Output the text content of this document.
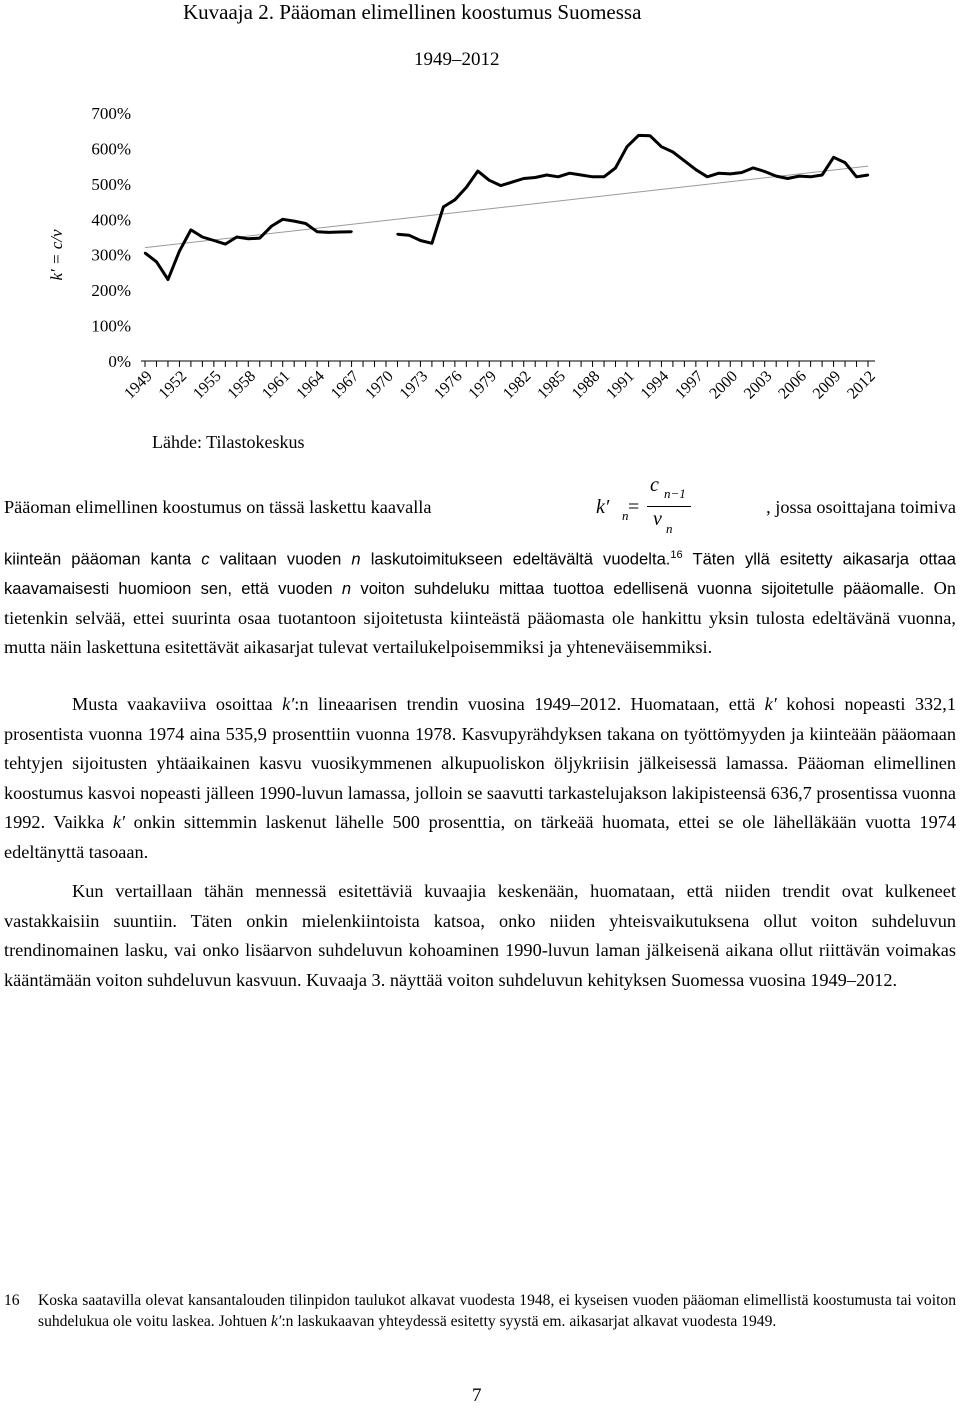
Kuvaaja 2. Pääoman elimellinen koostumus Suomessa
1949–2012
0%
100%
200%
300%
400%
500%
600%
700%
k′ = c/v
1949 1952 1955 1958 1961 1964 1967 1970 1973 1976 1979 1982 1985 1988 1991 1994 1997 2000 2003 2006 2009 2012
Lähde: Tilastokeskus
Pääoman elimellinen koostumus on tässä laskettu kaavalla	k′ n =
c n−1
v n
, jossa osoittajana toimiva

kiinteän pääoman kanta c valitaan vuoden n laskutoimitukseen edeltävältä vuodelta.$^{16}$ Täten yllä esitetty aikasarja ottaa kaavamaisesti huomioon sen, että vuoden n voiton suhdeluku mittaa tuottoa edellisenä vuonna sijoitetulle pääomalle. On tietenkin selvää, ettei suurinta osaa tuotantoon sijoitetusta kiinteästä pääomasta ole hankittu yksin tulosta edeltävänä vuonna, mutta näin laskettuna esitettävät aikasarjat tulevat vertailukelpoisemmiksi ja yhteneväisemmiksi.

Musta vaakaviiva osoittaa k′:n lineaarisen trendin vuosina 1949–2012. Huomataan, että k′ kohosi nopeasti 332,1 prosentista vuonna 1974 aina 535,9 prosenttiin vuonna 1978. Kasvupyrähdyksen takana on työttömyyden ja kiinteään pääomaan tehtyjen sijoitusten yhtäaikainen kasvu vuosikymmenen alkupuoliskon öljykriisin jälkeisessä lamassa. Pääoman elimellinen koostumus kasvoi nopeasti jälleen 1990-luvun lamassa, jolloin se saavutti tarkastelujakson lakipisteensä 636,7 prosentissa vuonna 1992. Vaikka k′ onkin sittemmin laskenut lähelle 500 prosenttia, on tärkeää huomata, ettei se ole lähelläkään vuotta 1974 edeltänyttä tasoaan.

Kun vertaillaan tähän mennessä esitettäviä kuvaajia keskenään, huomataan, että niiden trendit ovat kulkeneet vastakkaisiin suuntiin. Täten onkin mielenkiintoista katsoa, onko niiden yhteisvaikutuksena ollut voiton suhdeluvun trendinomainen lasku, vai onko lisäarvon suhdeluvun kohoaminen 1990-luvun laman jälkeisenä aikana ollut riittävän voimakas kääntämään voiton suhdeluvun kasvuun. Kuvaaja 3. näyttää voiton suhdeluvun kehityksen Suomessa vuosina 1949–2012.

16 Koska saatavilla olevat kansantalouden tilinpidon taulukot alkavat vuodesta 1948, ei kyseisen vuoden pääoman elimellistä koostumusta tai voiton suhdelukua ole voitu laskea. Johtuen k′:n laskukaavan yhteydessä esitetty syystä em. aikasarjat alkavat vuodesta 1949.
7
